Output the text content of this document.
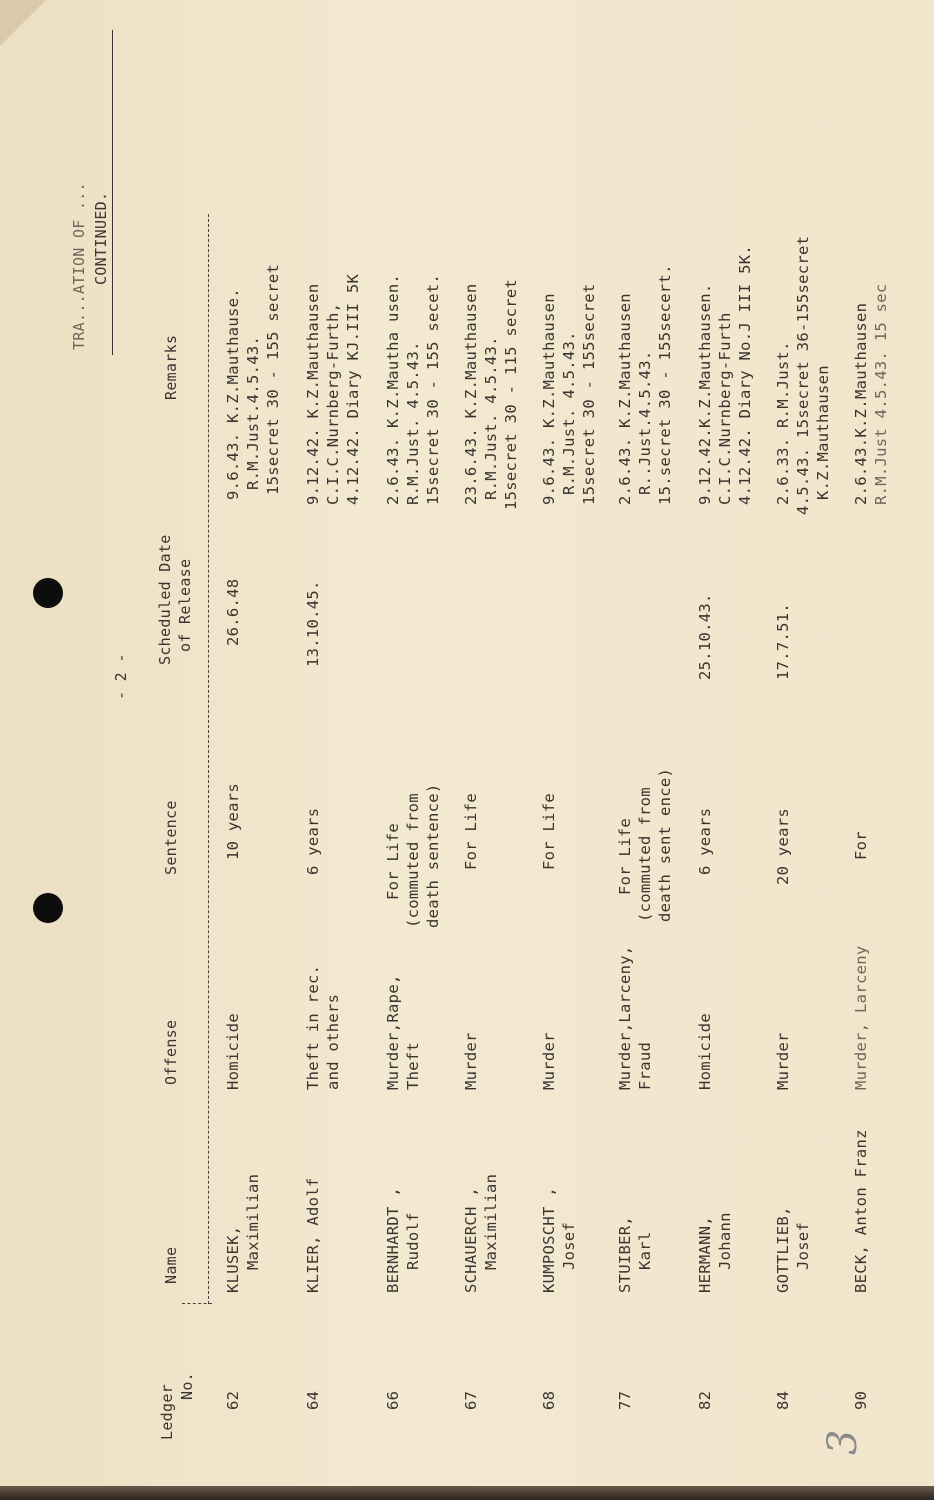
TRA...ATION OF ... CONTINUED.
- 2 -
Ledger No.
Name
Offense
Sentence
Scheduled Date of Release
Remarks
62
KLUSEK, Maximilian
Homicide
10 years
26.6.48
9.6.43. K.Z.Mauthause. R.M.Just.4.5.43. 15secret 30 - 155 secret
64
KLIER, Adolf
Theft in rec. and others
6 years
13.10.45.
9.12.42. K.Z.Mauthausen C.I.C.Nurnberg-Furth, 4.12.42. Diary KJ.III 5K
66
BERNHARDT , Rudolf
Murder,Rape, Theft
For Life (commuted from death sentence)
2.6.43. K.Z.Mautha usen. R.M.Just. 4.5.43. 15secret 30 - 155 secet.
67
SCHAUERCH , Maximilian
Murder
For Life
23.6.43. K.Z.Mauthausen R.M.Just. 4.5.43. 15secret 30 - 115 secret
68
KUMPOSCHT , Josef
Murder
For Life
9.6.43. K.Z.Mauthausen R.M.Just. 4.5.43. 15secret 30 - 155secret
77
STUIBER, Karl
Murder,Larceny, Fraud
For Life (commuted from death sent ence)
2.6.43. K.Z.Mauthausen R..Just.4.5.43. 15.secret 30 - 155secert.
82
HERMANN, Johann
Homicide
6 years
25.10.43.
9.12.42.K.Z.Mauthausen. C.I.C.Nurnberg-Furth 4.12.42. Diary No.J III 5K.
84
GOTTLIEB, Josef
Murder
20 years
17.7.51.
2.6.33. R.M.Just. 4.5.43. 15secret 36-155secret K.Z.Mauthausen
90
BECK, Anton Franz
Murder, Larceny
For
2.6.43.K.Z.Mauthausen R.M.Just 4.5.43. 15 sec
3
